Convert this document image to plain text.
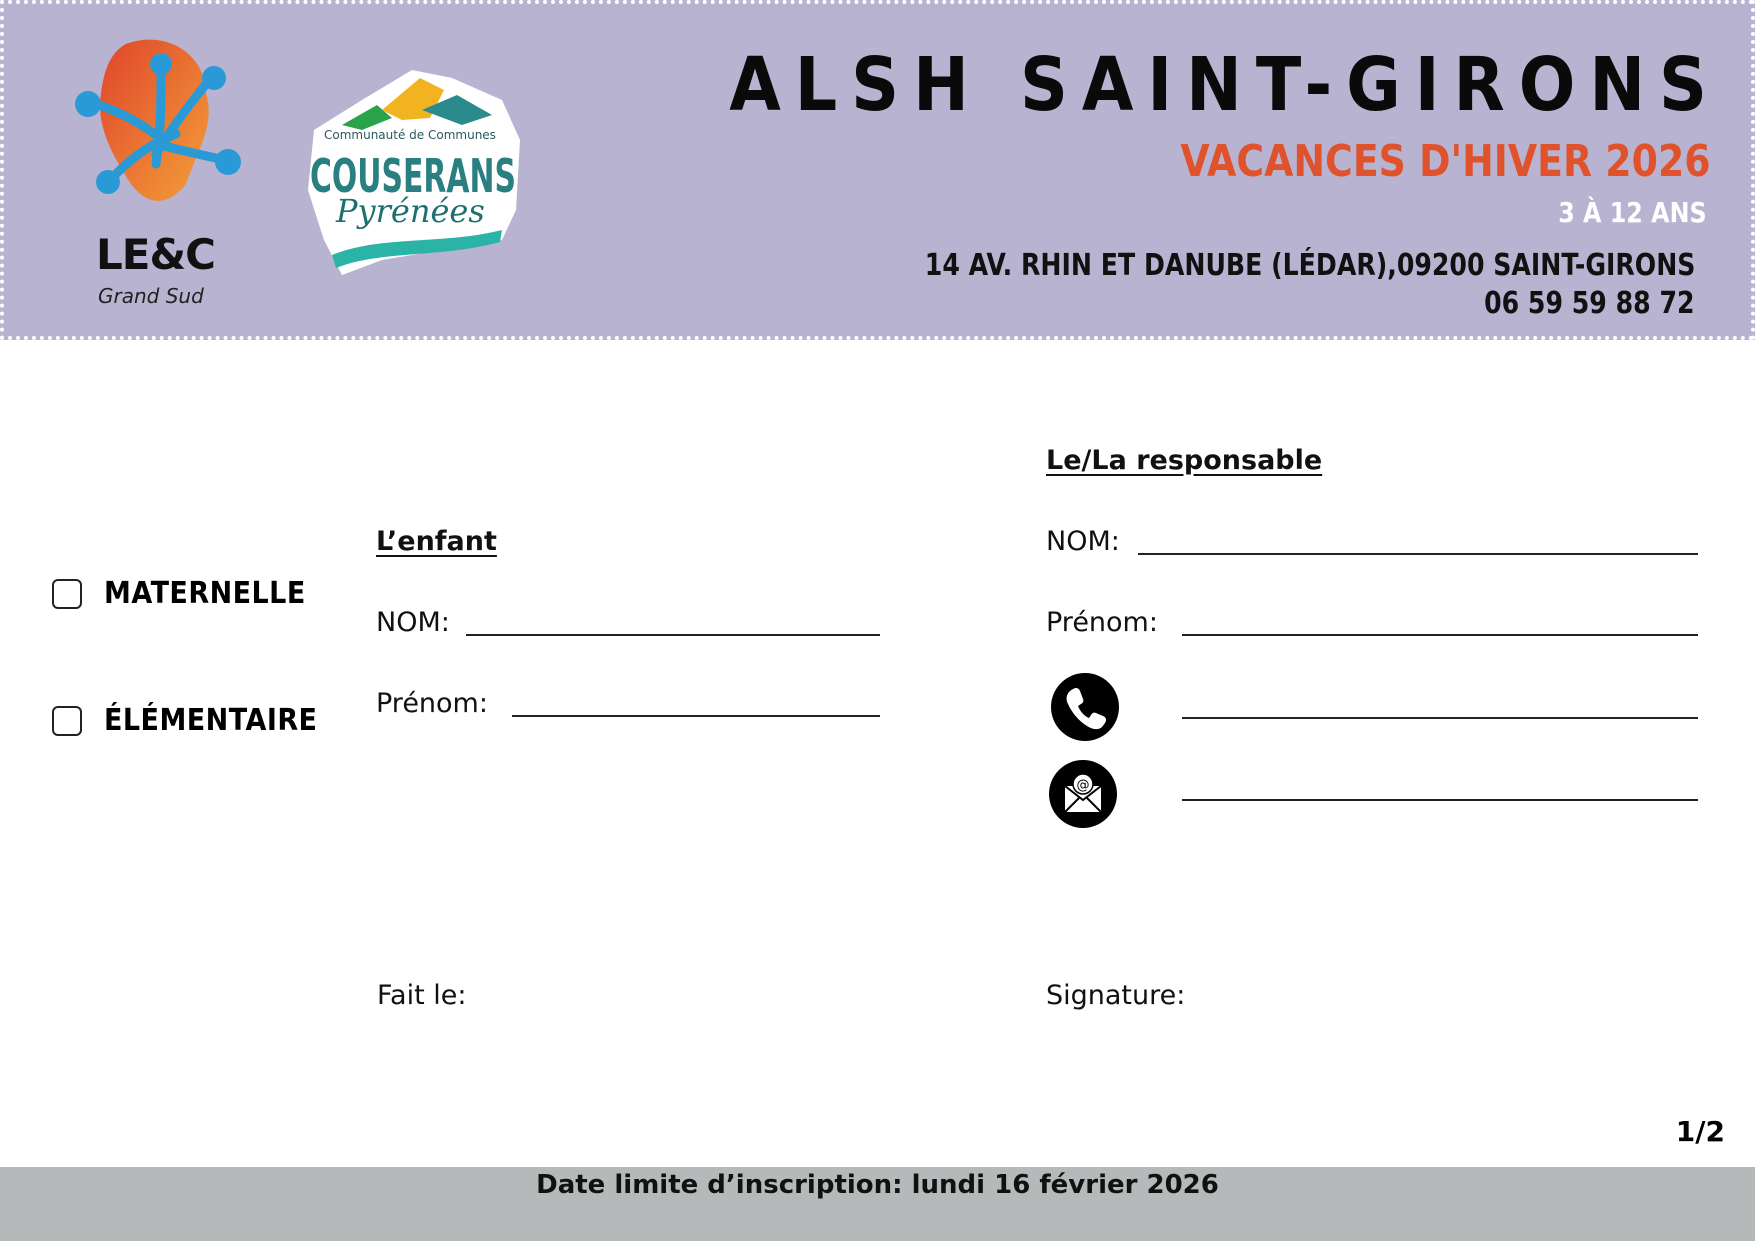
LE&C
Grand Sud
Communauté de Communes
COUSERANS
Pyrénées
ALSH SAINT-GIRONS
VACANCES D'HIVER 2026
3 À 12 ANS
14 AV. RHIN ET DANUBE (LÉDAR),09200 SAINT-GIRONS
06 59 59 88 72
MATERNELLE
ÉLÉMENTAIRE
L’enfant
NOM:
Prénom:
Le/La responsable
NOM:
Prénom:
@
Fait le:	Signature:
1/2
Date limite d’inscription: lundi 16 février 2026
